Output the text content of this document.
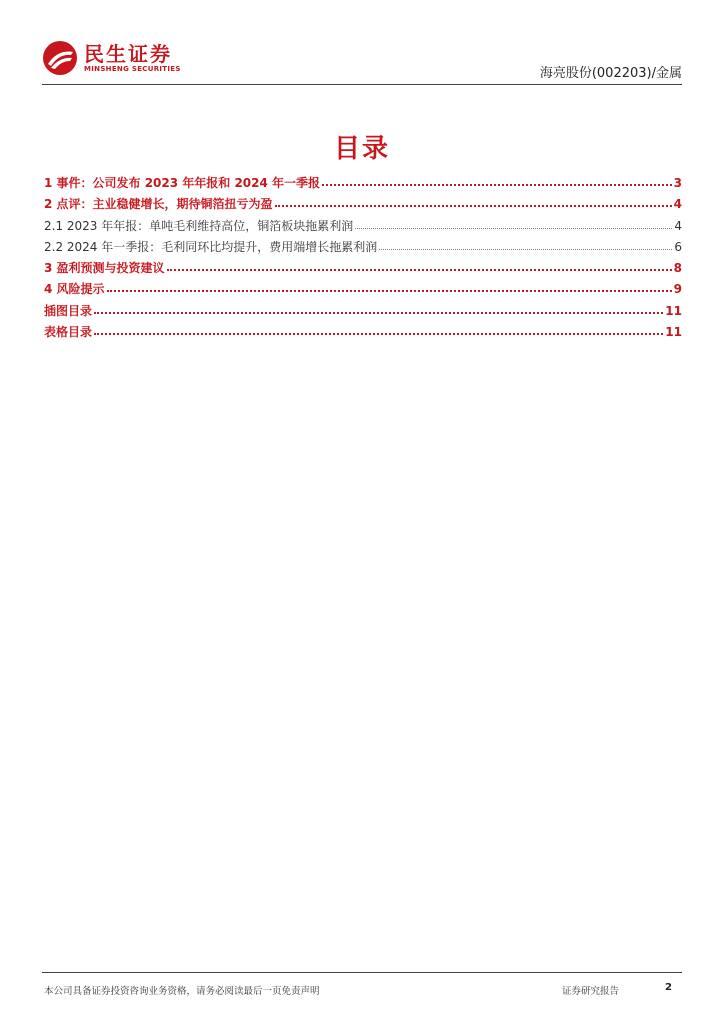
民生证券
MINSHENG SECURITIES	海亮股份(002203)/金属
目录
1 事件：公司发布 2023 年年报和 2024 年一季报	3
2 点评：主业稳健增长，期待铜箔扭亏为盈	4
2.1 2023 年年报：单吨毛利维持高位，铜箔板块拖累利润	4
2.2 2024 年一季报：毛利同环比均提升，费用端增长拖累利润	6
3 盈利预测与投资建议	8
4 风险提示	9
插图目录	11
表格目录	11
本公司具备证券投资咨询业务资格，请务必阅读最后一页免责声明	证券研究报告	2
